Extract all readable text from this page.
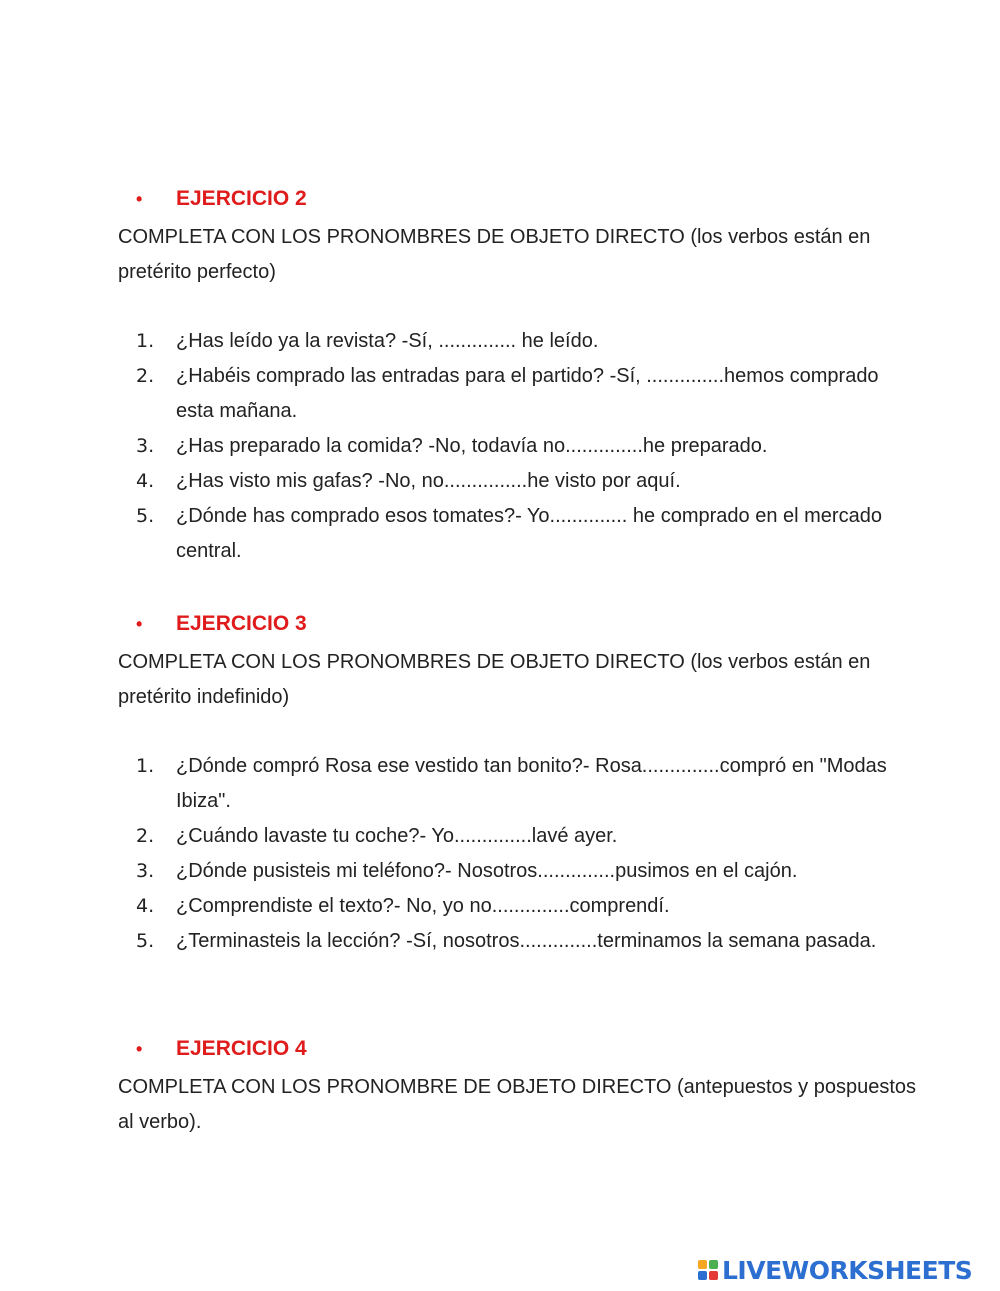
• EJERCICIO 2
COMPLETA CON LOS PRONOMBRES DE OBJETO DIRECTO (los verbos están en pretérito perfecto)
1. ¿Has leído ya la revista? -Sí, .............. he leído.
2. ¿Habéis comprado las entradas para el partido? -Sí, ..............hemos comprado esta mañana.
3. ¿Has preparado la comida? -No, todavía no..............he preparado.
4. ¿Has visto mis gafas? -No, no...............he visto por aquí.
5. ¿Dónde has comprado esos tomates?- Yo.............. he comprado en el mercado central.
• EJERCICIO 3
COMPLETA CON LOS PRONOMBRES DE OBJETO DIRECTO (los verbos están en pretérito indefinido)
1. ¿Dónde compró Rosa ese vestido tan bonito?- Rosa..............compró en "Modas Ibiza".
2. ¿Cuándo lavaste tu coche?- Yo..............lavé ayer.
3. ¿Dónde pusisteis mi teléfono?- Nosotros..............pusimos en el cajón.
4. ¿Comprendiste el texto?- No, yo no..............comprendí.
5. ¿Terminasteis la lección? -Sí, nosotros..............terminamos la semana pasada.
• EJERCICIO 4
COMPLETA CON LOS PRONOMBRE DE OBJETO DIRECTO (antepuestos y pospuestos al verbo).
LIVEWORKSHEETS
